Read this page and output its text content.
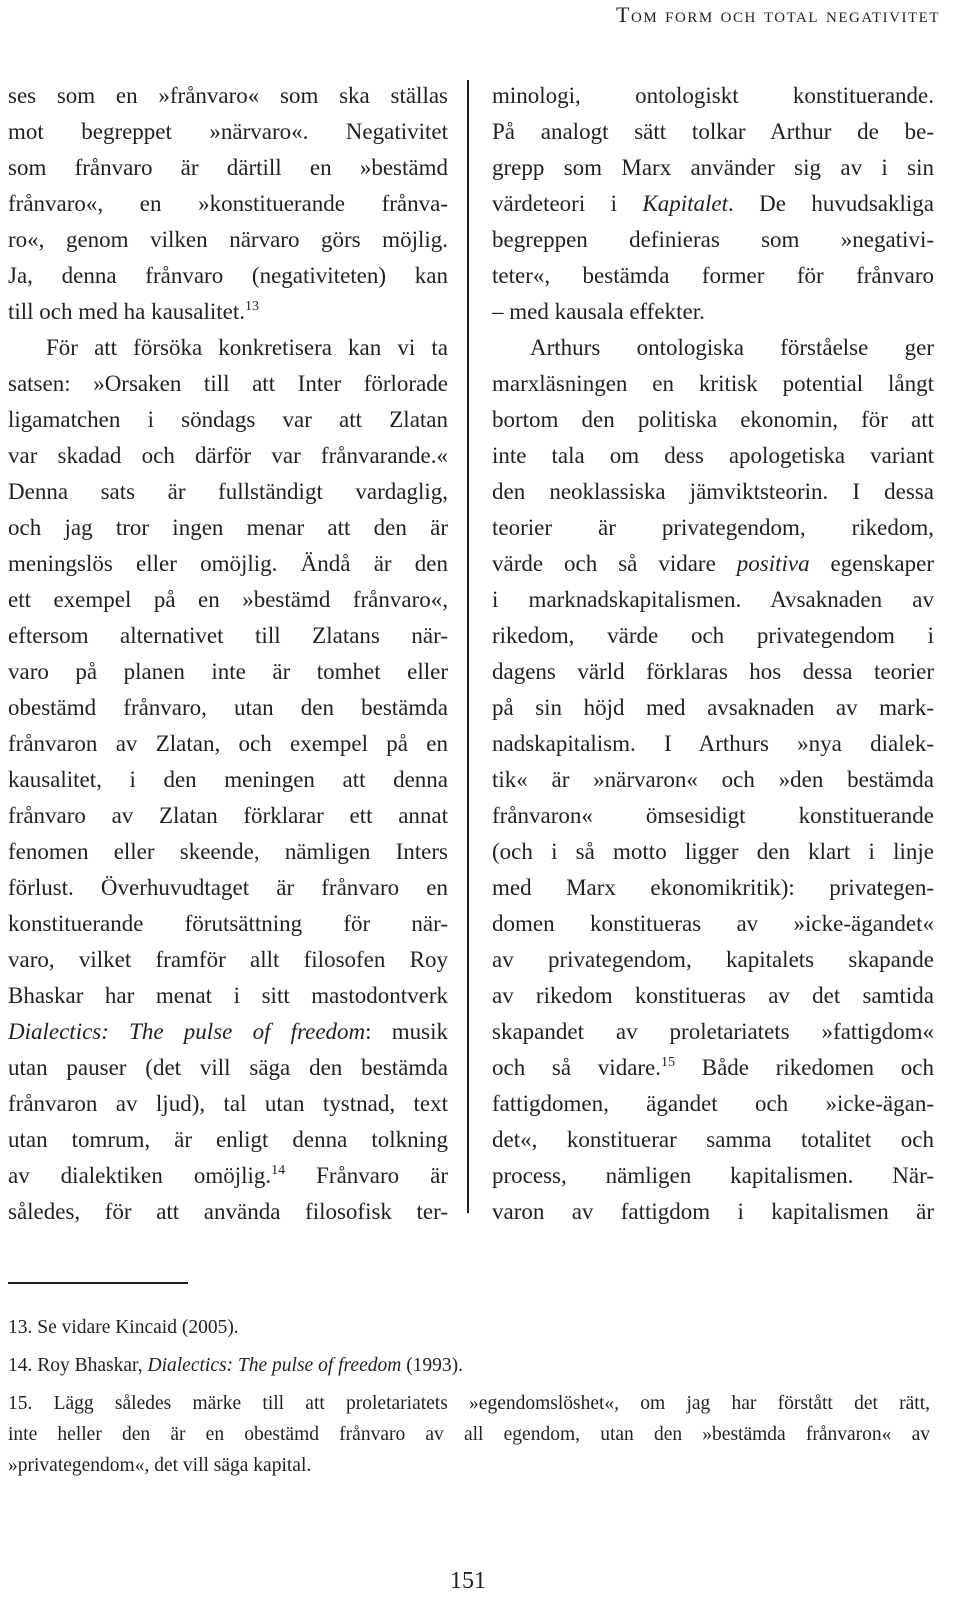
Tom form och total negativitet
ses som en »frånvaro« som ska ställas
mot begreppet »närvaro«. Negativitet
som frånvaro är därtill en »bestämd
frånvaro«, en »konstituerande frånva-
ro«, genom vilken närvaro görs möjlig.
Ja, denna frånvaro (negativiteten) kan
till och med ha kausalitet.$^{13}$
För att försöka konkretisera kan vi ta
satsen: »Orsaken till att Inter förlorade
ligamatchen i söndags var att Zlatan
var skadad och därför var frånvarande.«
Denna sats är fullständigt vardaglig,
och jag tror ingen menar att den är
meningslös eller omöjlig. Ändå är den
ett exempel på en »bestämd frånvaro«,
eftersom alternativet till Zlatans när-
varo på planen inte är tomhet eller
obestämd frånvaro, utan den bestämda
frånvaron av Zlatan, och exempel på en
kausalitet, i den meningen att denna
frånvaro av Zlatan förklarar ett annat
fenomen eller skeende, nämligen Inters
förlust. Överhuvudtaget är frånvaro en
konstituerande förutsättning för när-
varo, vilket framför allt filosofen Roy
Bhaskar har menat i sitt mastodontverk
Dialectics: The pulse of freedom: musik
utan pauser (det vill säga den bestämda
frånvaron av ljud), tal utan tystnad, text
utan tomrum, är enligt denna tolkning
av dialektiken omöjlig.$^{14}$ Frånvaro är
således, för att använda filosofisk ter-
minologi, ontologiskt konstituerande.
På analogt sätt tolkar Arthur de be-
grepp som Marx använder sig av i sin
värdeteori i Kapitalet. De huvudsakliga
begreppen definieras som »negativi-
teter«, bestämda former för frånvaro
– med kausala effekter.
Arthurs ontologiska förståelse ger
marxläsningen en kritisk potential långt
bortom den politiska ekonomin, för att
inte tala om dess apologetiska variant
den neoklassiska jämviktsteorin. I dessa
teorier är privategendom, rikedom,
värde och så vidare positiva egenskaper
i marknadskapitalismen. Avsaknaden av
rikedom, värde och privategendom i
dagens värld förklaras hos dessa teorier
på sin höjd med avsaknaden av mark-
nadskapitalism. I Arthurs »nya dialek-
tik« är »närvaron« och »den bestämda
frånvaron« ömsesidigt konstituerande
(och i så motto ligger den klart i linje
med Marx ekonomikritik): privategen-
domen konstitueras av »icke-ägandet«
av privategendom, kapitalets skapande
av rikedom konstitueras av det samtida
skapandet av proletariatets »fattigdom«
och så vidare.$^{15}$ Både rikedomen och
fattigdomen, ägandet och »icke-ägan-
det«, konstituerar samma totalitet och
process, nämligen kapitalismen. När-
varon av fattigdom i kapitalismen är
13. Se vidare Kincaid (2005).
14. Roy Bhaskar, Dialectics: The pulse of freedom (1993).
15. Lägg således märke till att proletariatets »egendomslöshet«, om jag har förstått det rätt,
inte heller den är en obestämd frånvaro av all egendom, utan den »bestämda frånvaron« av
»privategendom«, det vill säga kapital.
151
